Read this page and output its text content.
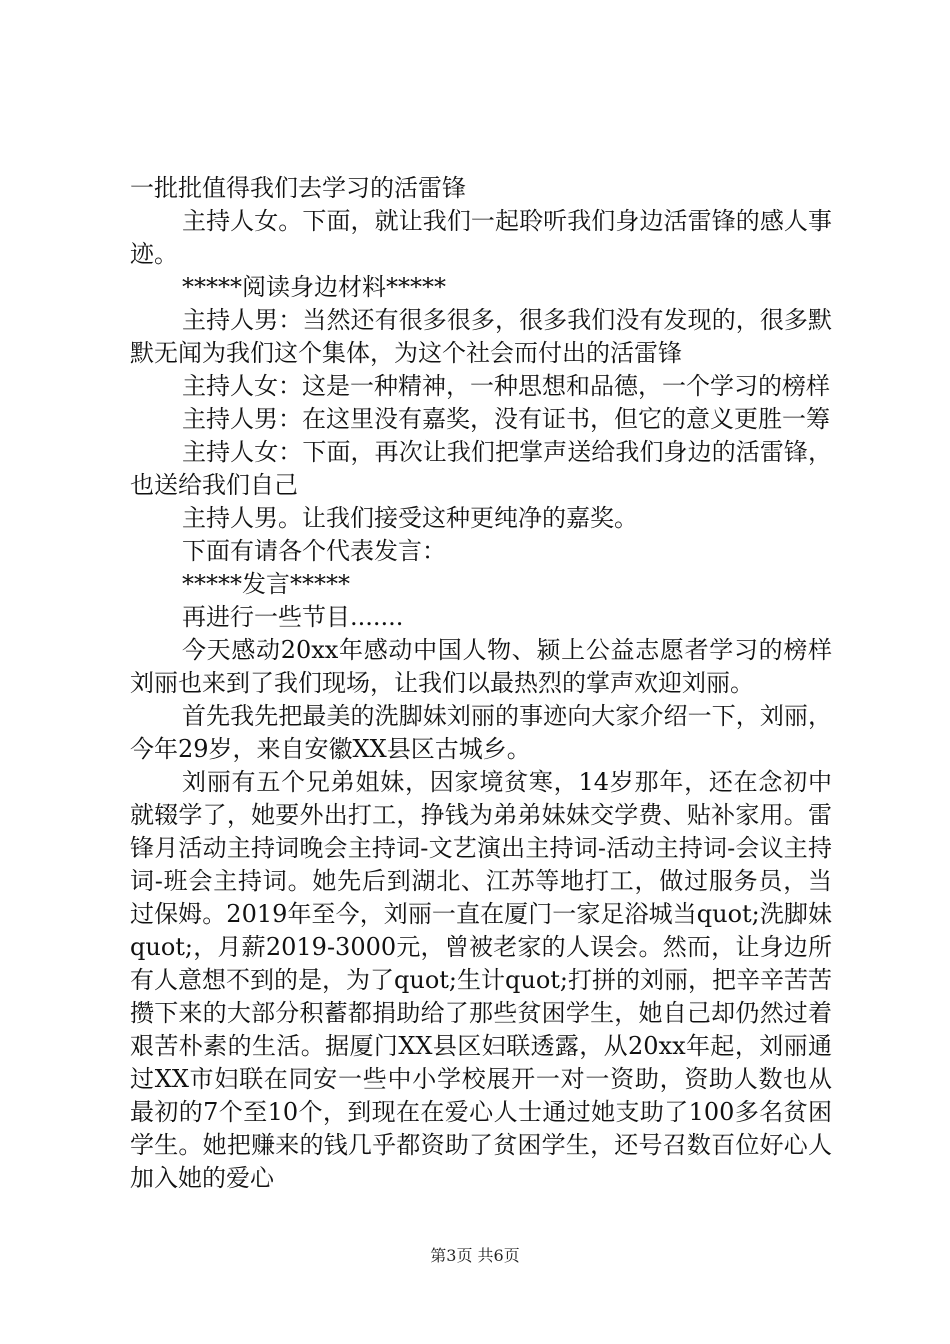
一批批值得我们去学习的活雷锋

主持人女。下面，就让我们一起聆听我们身边活雷锋的感人事迹。

*****阅读身边材料*****

主持人男：当然还有很多很多，很多我们没有发现的，很多默默无闻为我们这个集体，为这个社会而付出的活雷锋

主持人女：这是一种精神，一种思想和品德，一个学习的榜样

主持人男：在这里没有嘉奖，没有证书，但它的意义更胜一筹

主持人女：下面，再次让我们把掌声送给我们身边的活雷锋，也送给我们自己

主持人男。让我们接受这种更纯净的嘉奖。

下面有请各个代表发言：

*****发言*****

再进行一些节目.......

今天感动20xx年感动中国人物、颍上公益志愿者学习的榜样刘丽也来到了我们现场，让我们以最热烈的掌声欢迎刘丽。

首先我先把最美的洗脚妹刘丽的事迹向大家介绍一下，刘丽，今年29岁，来自安徽XX县区古城乡。

刘丽有五个兄弟姐妹，因家境贫寒，14岁那年，还在念初中就辍学了，她要外出打工，挣钱为弟弟妹妹交学费、贴补家用。雷锋月活动主持词晚会主持词-文艺演出主持词-活动主持词-会议主持词-班会主持词。她先后到湖北、江苏等地打工，做过服务员，当过保姆。2019年至今，刘丽一直在厦门一家足浴城当quot;洗脚妹quot;，月薪2019-3000元，曾被老家的人误会。然而，让身边所有人意想不到的是，为了quot;生计quot;打拼的刘丽，把辛辛苦苦攒下来的大部分积蓄都捐助给了那些贫困学生，她自己却仍然过着艰苦朴素的生活。据厦门XX县区妇联透露，从20xx年起，刘丽通过XX市妇联在同安一些中小学校展开一对一资助，资助人数也从最初的7个至10个，到现在在爱心人士通过她支助了100多名贫困学生。她把赚来的钱几乎都资助了贫困学生，还号召数百位好心人加入她的爱心

第3页 共6页
